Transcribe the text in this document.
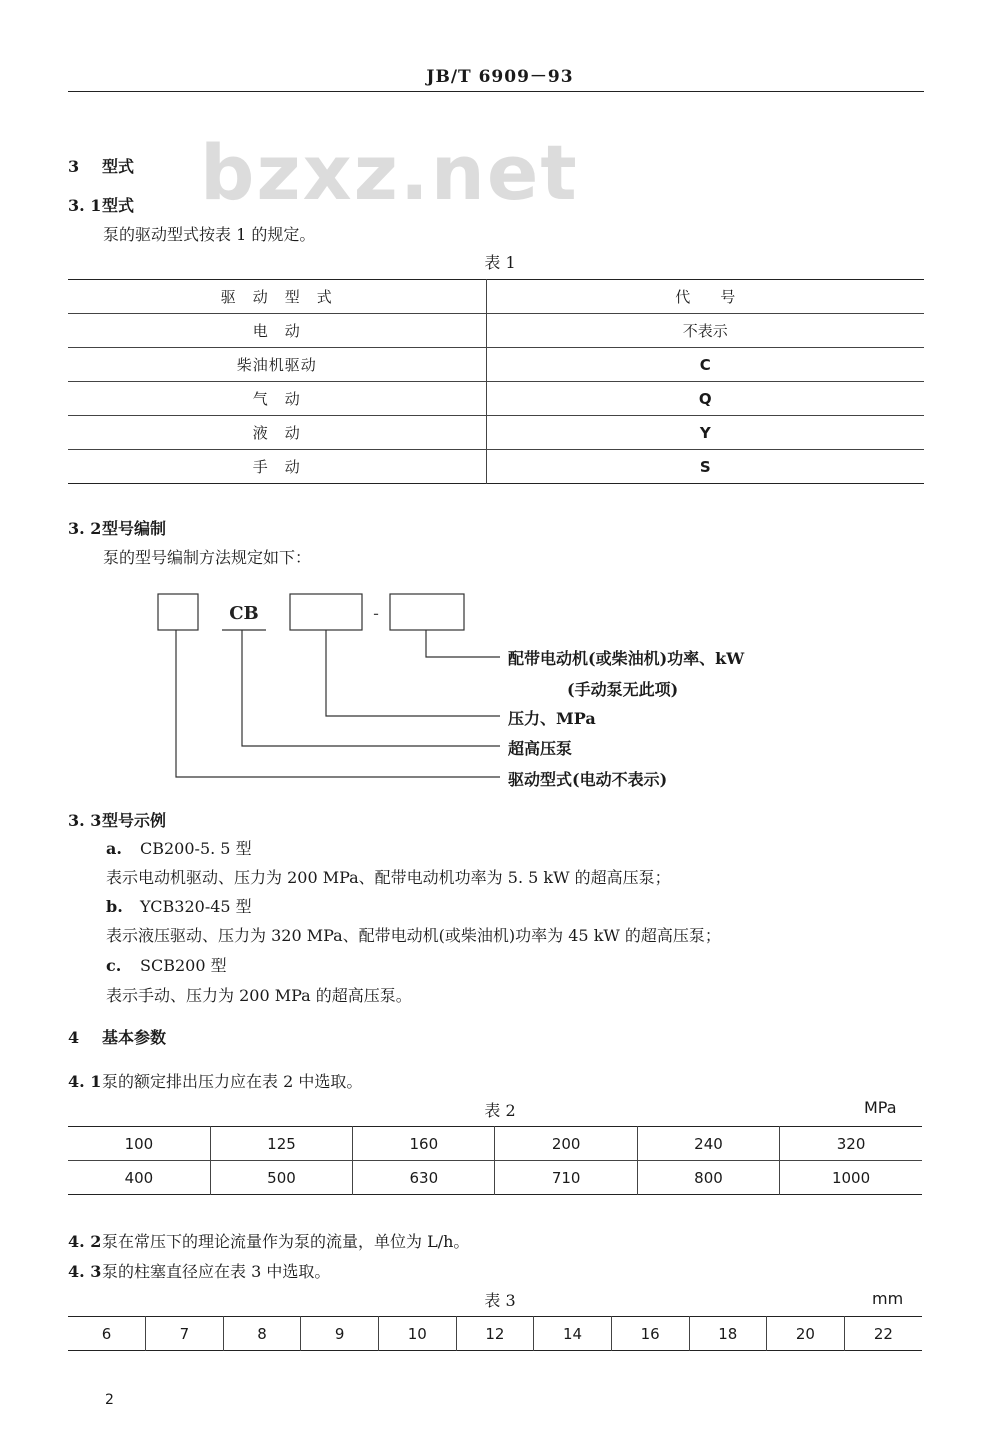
JB/T 6909－93
bzxz.net
3 型式
3. 1型式
泵的驱动型式按表 1 的规定。
表 1
驱　动　型　式	代　　号
电　动	不表示
柴油机驱动	C
气　动	Q
液　动	Y
手　动	S
3. 2型号编制
泵的型号编制方法规定如下：
CB	-
配带电动机(或柴油机)功率、kW
(手动泵无此项)
压力、MPa
超高压泵
驱动型式(电动不表示)
3. 3型号示例
a. CB200-5. 5 型
表示电动机驱动、压力为 200 MPa、配带电动机功率为 5. 5 kW 的超高压泵；
b. YCB320-45 型
表示液压驱动、压力为 320 MPa、配带电动机(或柴油机)功率为 45 kW 的超高压泵；
c. SCB200 型
表示手动、压力为 200 MPa 的超高压泵。
4 基本参数
4. 1泵的额定排出压力应在表 2 中选取。
表 2	MPa
100	125	160	200	240	320
400	500	630	710	800	1000
4. 2泵在常压下的理论流量作为泵的流量，单位为 L/h。
4. 3泵的柱塞直径应在表 3 中选取。
表 3	mm
6	7	8	9	10	12	14	16	18	20	22
2
